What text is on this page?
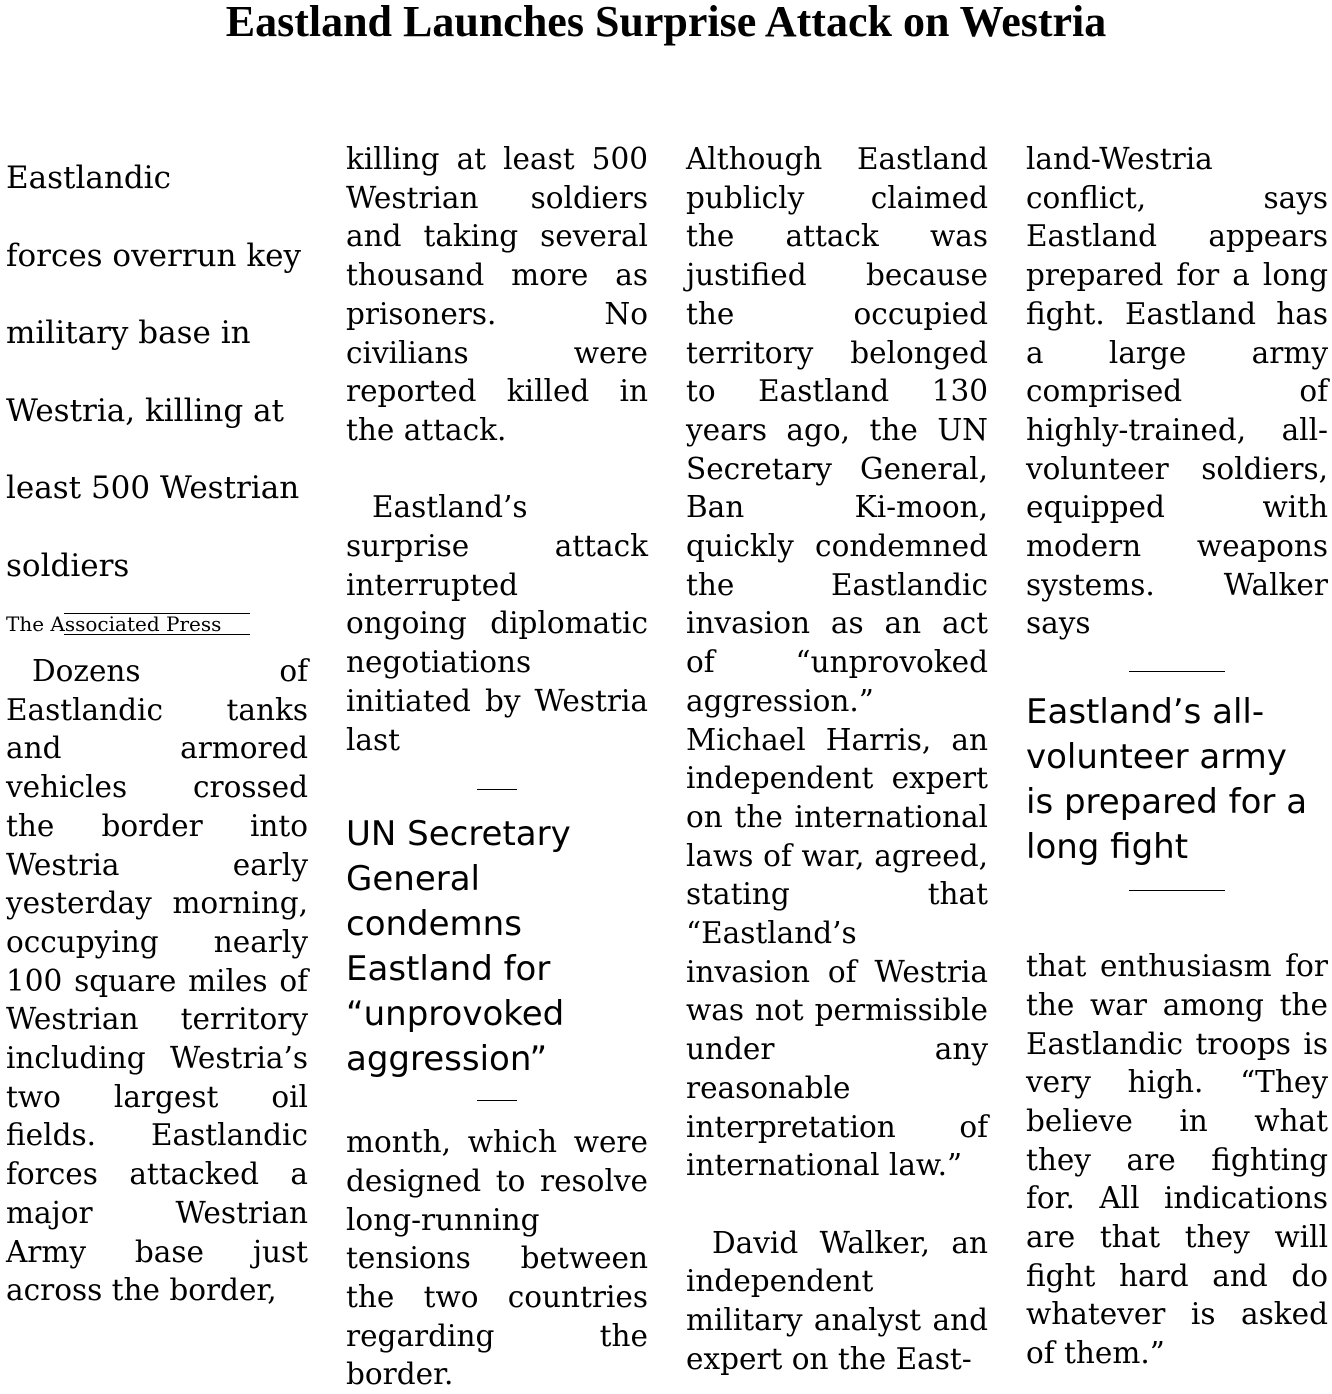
Eastland Launches Surprise Attack on Westria

Eastlandic

forces overrun key

military base in

Westria, killing at

least 500 Westrian

soldiers

The Associated Press

Dozens of Eastlandic tanks and armored vehicles crossed the border into Westria early yesterday morning, occupying nearly 100 square miles of Westrian territory including Westria’s two largest oil fields. Eastlandic forces attacked a major Westrian Army base just across the border,

killing at least 500 Westrian soldiers and taking several thousand more as prisoners. No civilians were reported killed in the attack.

Eastland’s surprise attack interrupted ongoing diplomatic negotiations initiated by Westria last

UN Secretary

General

condemns

Eastland for

“unprovoked

aggression”

month, which were designed to resolve long-running tensions between the two countries regarding the border.

Although Eastland publicly claimed the attack was justified because the occupied territory belonged to Eastland 130 years ago, the UN Secretary General, Ban Ki-moon, quickly condemned the Eastlandic invasion as an act of “unprovoked aggression.” Michael Harris, an independent expert on the international laws of war, agreed, stating that “Eastland’s invasion of Westria was not permissible under any reasonable interpretation of international law.”

David Walker, an independent military analyst and expert on the East-

land-Westria conflict, says Eastland appears prepared for a long fight. Eastland has a large army comprised of highly-trained, all-volunteer soldiers, equipped with modern weapons systems. Walker says

Eastland’s all-

volunteer army

is prepared for a

long fight

that enthusiasm for the war among the Eastlandic troops is very high. “They believe in what they are fighting for. All indications are that they will fight hard and do whatever is asked of them.”
